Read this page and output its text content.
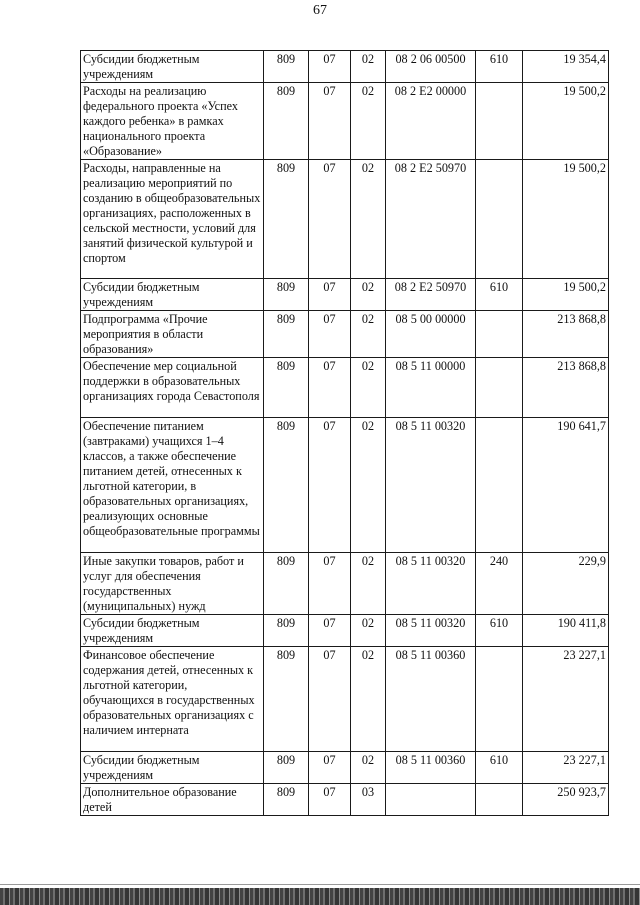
67
Субсидии бюджетным учреждениям	809	07	02	08 2 06 00500	610	19 354,4
Расходы на реализацию федерального проекта «Успех каждого ребенка» в рамках национального проекта «Образование»	809	07	02	08 2 E2 00000		19 500,2
Расходы, направленные на реализацию мероприятий по созданию в общеобразовательных организациях, расположенных в сельской местности, условий для занятий физической культурой и спортом	809	07	02	08 2 E2 50970		19 500,2
Субсидии бюджетным учреждениям	809	07	02	08 2 E2 50970	610	19 500,2
Подпрограмма «Прочие мероприятия в области образования»	809	07	02	08 5 00 00000		213 868,8
Обеспечение мер социальной поддержки в образовательных организациях города Севастополя	809	07	02	08 5 11 00000		213 868,8
Обеспечение питанием (завтраками) учащихся 1–4 классов, а также обеспечение питанием детей, отнесенных к льготной категории, в образовательных организациях, реализующих основные общеобразовательные программы	809	07	02	08 5 11 00320		190 641,7
Иные закупки товаров, работ и услуг для обеспечения государственных (муниципальных) нужд	809	07	02	08 5 11 00320	240	229,9
Субсидии бюджетным учреждениям	809	07	02	08 5 11 00320	610	190 411,8
Финансовое обеспечение содержания детей, отнесенных к льготной категории, обучающихся в государственных образовательных организациях с наличием интерната	809	07	02	08 5 11 00360		23 227,1
Субсидии бюджетным учреждениям	809	07	02	08 5 11 00360	610	23 227,1
Дополнительное образование детей	809	07	03			250 923,7
